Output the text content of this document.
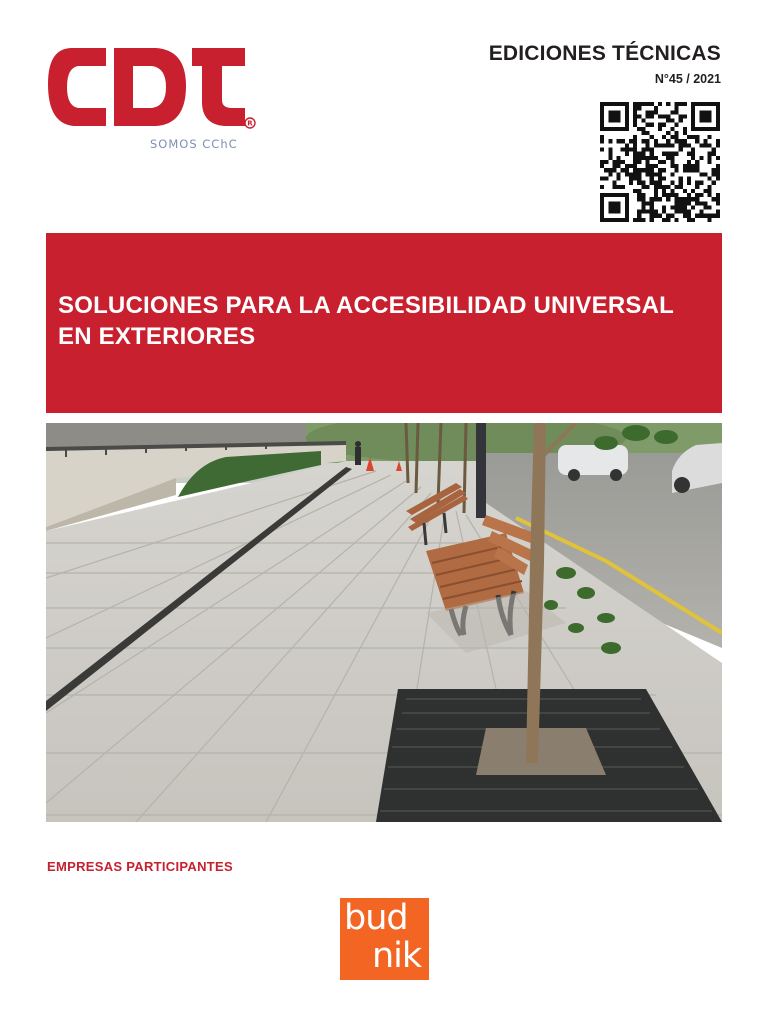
R
SOMOS CChC
EDICIONES TÉCNICAS
N°45 / 2021
SOLUCIONES PARA LA ACCESIBILIDAD UNIVERSAL EN EXTERIORES
EMPRESAS PARTICIPANTES
bud
nik
